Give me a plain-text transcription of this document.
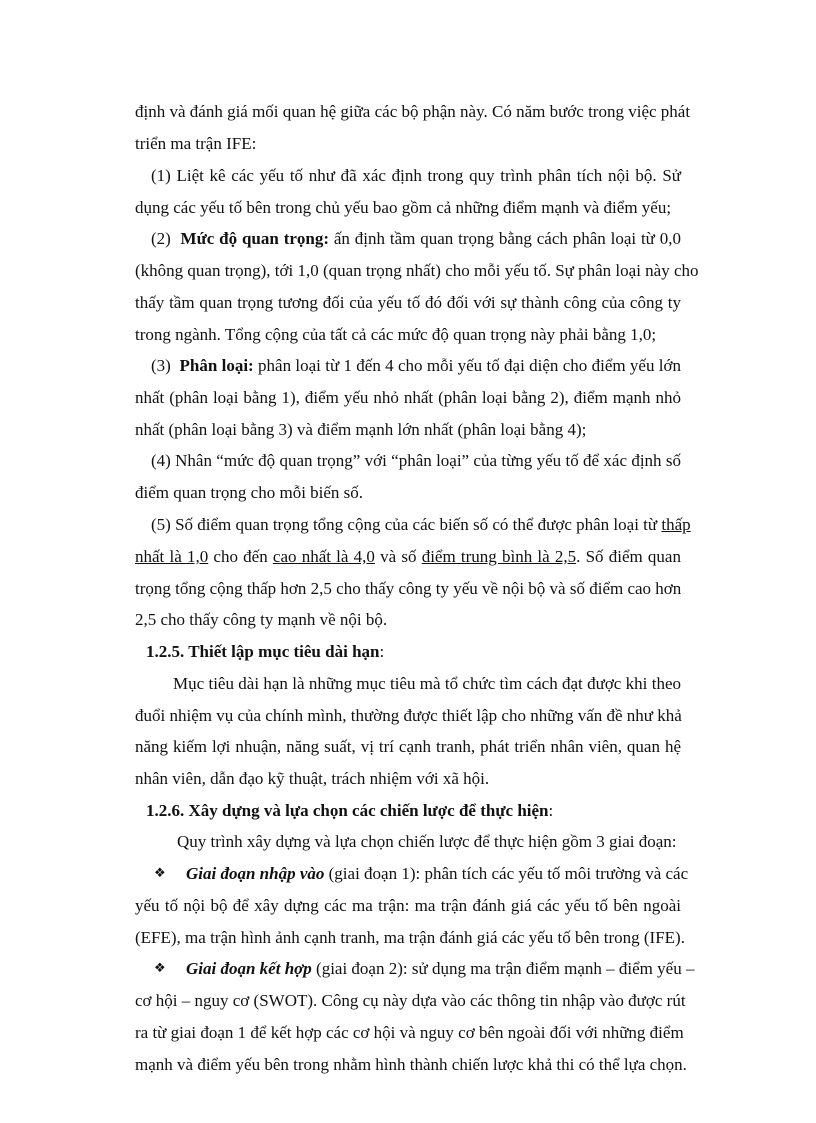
định và đánh giá mối quan hệ giữa các bộ phận này. Có năm bước trong việc phát
triển ma trận IFE:
(1) Liệt kê các yếu tố như đã xác định trong quy trình phân tích nội bộ. Sử
dụng các yếu tố bên trong chủ yếu bao gồm cả những điểm mạnh và điểm yếu;
(2) Mức độ quan trọng: ấn định tầm quan trọng bằng cách phân loại từ 0,0
(không quan trọng), tới 1,0 (quan trọng nhất) cho mỗi yếu tố. Sự phân loại này cho
thấy tầm quan trọng tương đối của yếu tố đó đối với sự thành công của công ty
trong ngành. Tổng cộng của tất cả các mức độ quan trọng này phải bằng 1,0;
(3) Phân loại: phân loại từ 1 đến 4 cho mỗi yếu tố đại diện cho điểm yếu lớn
nhất (phân loại bằng 1), điểm yếu nhỏ nhất (phân loại bằng 2), điểm mạnh nhỏ
nhất (phân loại bằng 3) và điểm mạnh lớn nhất (phân loại bằng 4);
(4) Nhân “mức độ quan trọng” với “phân loại” của từng yếu tố để xác định số
điểm quan trọng cho mỗi biến số.
(5) Số điểm quan trọng tổng cộng của các biến số có thể được phân loại từ thấp
nhất là 1,0 cho đến cao nhất là 4,0 và số điểm trung bình là 2,5. Số điểm quan
trọng tổng cộng thấp hơn 2,5 cho thấy công ty yếu về nội bộ và số điểm cao hơn
2,5 cho thấy công ty mạnh về nội bộ.
1.2.5. Thiết lập mục tiêu dài hạn:
Mục tiêu dài hạn là những mục tiêu mà tổ chức tìm cách đạt được khi theo
đuổi nhiệm vụ của chính mình, thường được thiết lập cho những vấn đề như khả
năng kiếm lợi nhuận, năng suất, vị trí cạnh tranh, phát triển nhân viên, quan hệ
nhân viên, dẫn đạo kỹ thuật, trách nhiệm với xã hội.
1.2.6. Xây dựng và lựa chọn các chiến lược để thực hiện:
Quy trình xây dựng và lựa chọn chiến lược để thực hiện gồm 3 giai đoạn:
❖ Giai đoạn nhập vào (giai đoạn 1): phân tích các yếu tố môi trường và các
yếu tố nội bộ để xây dựng các ma trận: ma trận đánh giá các yếu tố bên ngoài
(EFE), ma trận hình ảnh cạnh tranh, ma trận đánh giá các yếu tố bên trong (IFE).
❖ Giai đoạn kết hợp (giai đoạn 2): sử dụng ma trận điểm mạnh – điểm yếu –
cơ hội – nguy cơ (SWOT). Công cụ này dựa vào các thông tin nhập vào được rút
ra từ giai đoạn 1 để kết hợp các cơ hội và nguy cơ bên ngoài đối với những điểm
mạnh và điểm yếu bên trong nhằm hình thành chiến lược khả thi có thể lựa chọn.
